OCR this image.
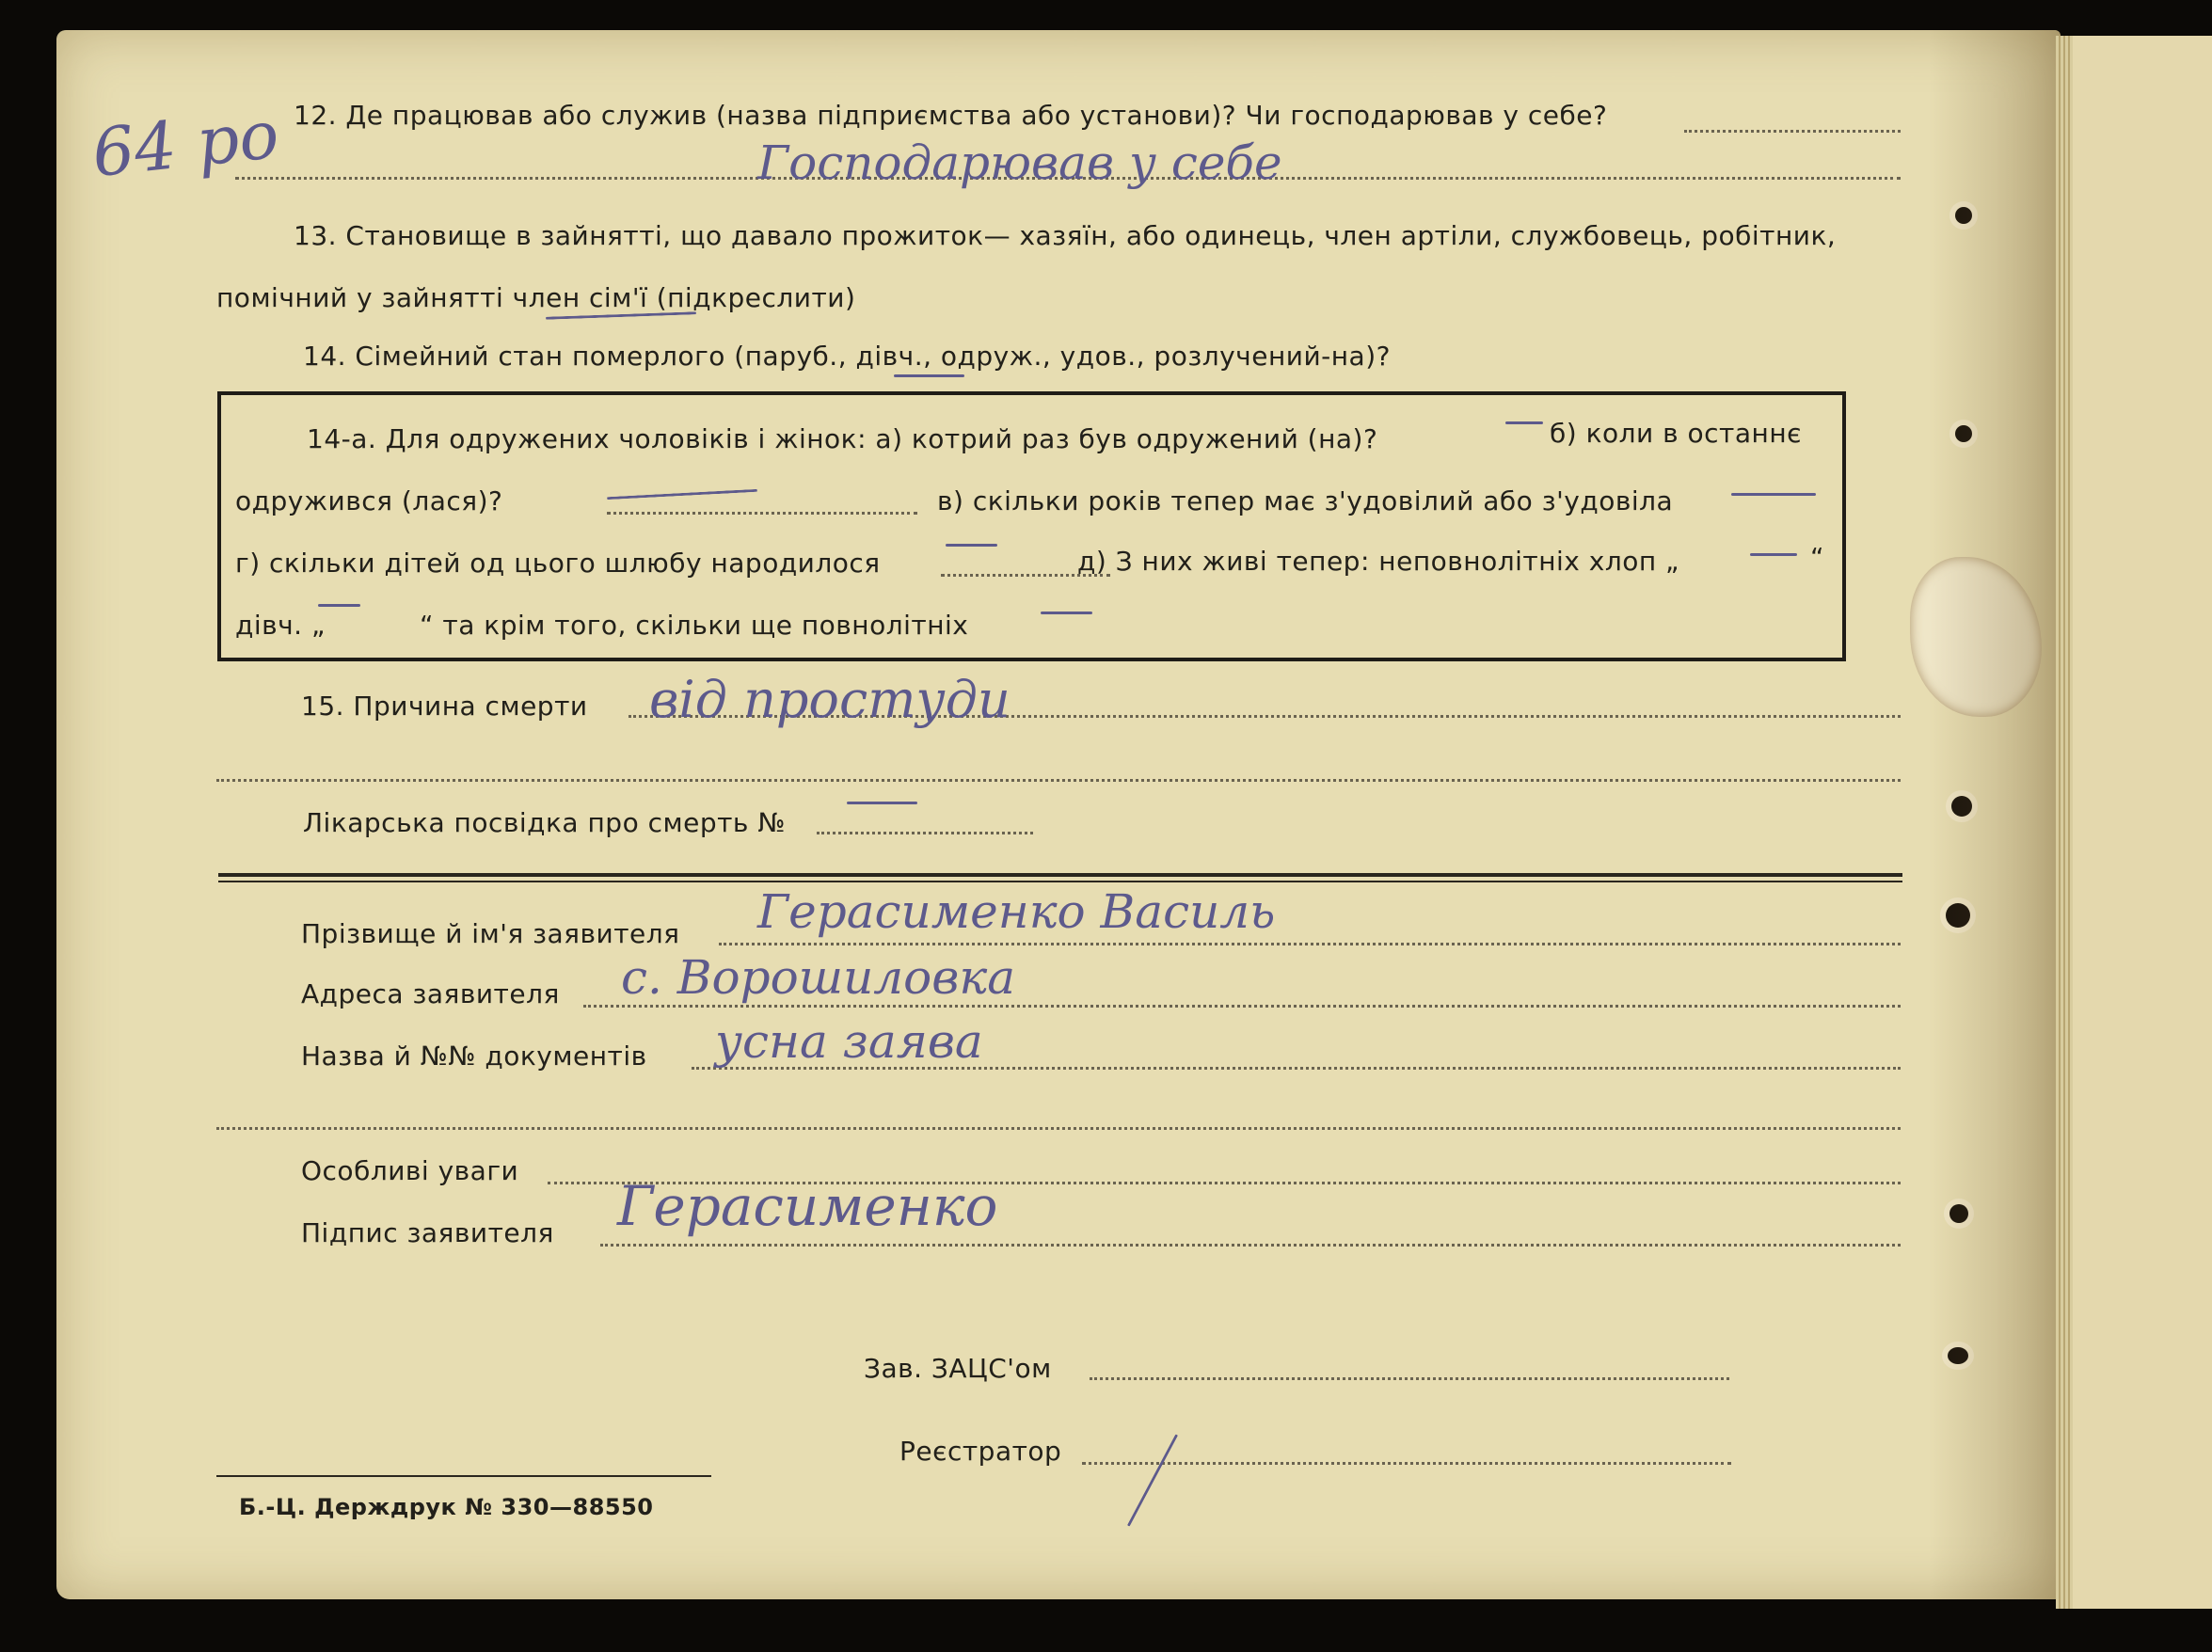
64 ро 12. Де працював або служив (назва підприємства або установи)? Чи господарював у себе?
Господарював у себе
13. Становище в зайнятті, що давало прожиток— хазяїн, або одинець, член артіли, службовець, робітник,
помічний у зайнятті член сім'ї (підкреслити)
14. Сімейний стан померлого (паруб., дівч., одруж., удов., розлучений-на)?
14-а. Для одружених чоловіків і жінок: а) котрий раз був одружений (на)?	б) коли в останнє
одружився (лася)?	в) скільки років тепер має з'удовілий або з'удовіла
г) скільки дітей од цього шлюбу народилося	д) З них живі тепер: неповнолітніх хлоп „	“
дівч. „	“ та крім того, скільки ще повнолітніх
15. Причина смерти від простуди
Лікарська посвідка про смерть №
Прізвище й ім'я заявителя Герасименко Василь
Адреса заявителя с. Ворошиловка
Назва й №№ документів усна заява
Особливі уваги
Підпис заявителя Герасименко
Зав. ЗАЦС'ом
Реєстратор
Б.-Ц. Держдрук № 330—88550
